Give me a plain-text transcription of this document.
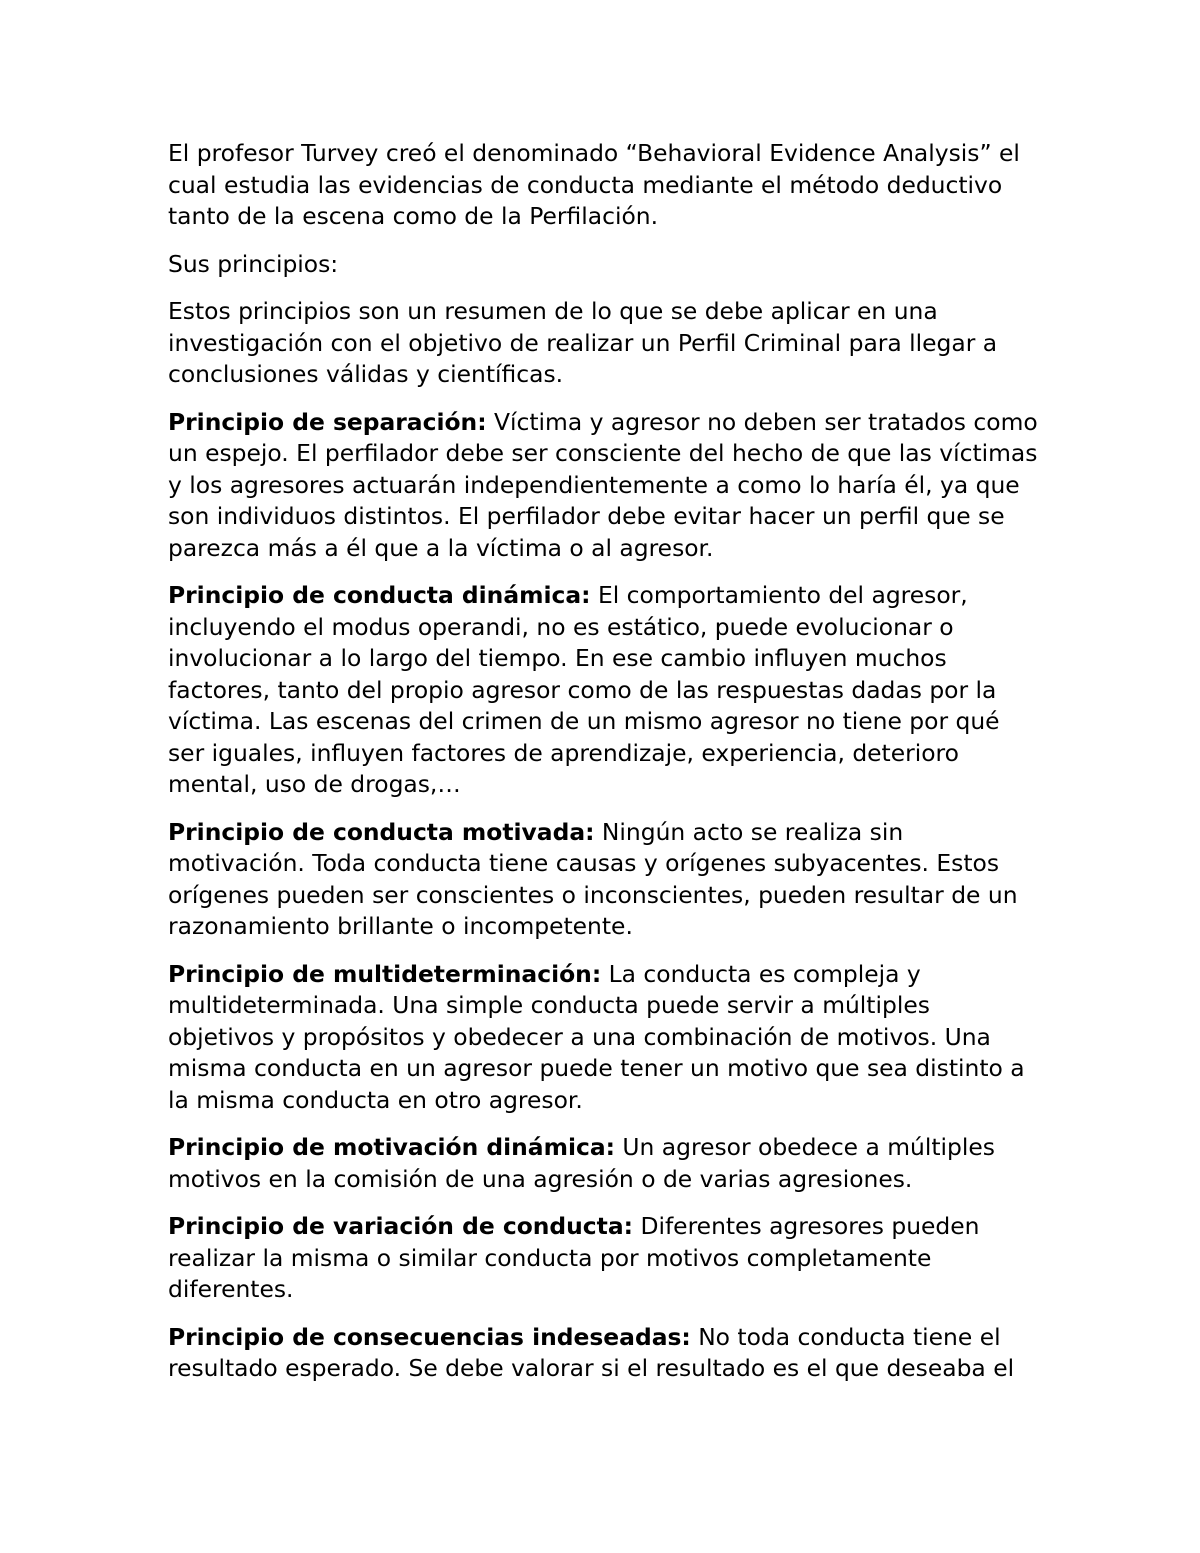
El profesor Turvey creó el denominado “Behavioral Evidence Analysis” el cual estudia las evidencias de conducta mediante el método deductivo tanto de la escena como de la Perfilación.

Sus principios:

Estos principios son un resumen de lo que se debe aplicar en una investigación con el objetivo de realizar un Perfil Criminal para llegar a conclusiones válidas y científicas.

Principio de separación: Víctima y agresor no deben ser tratados como un espejo. El perfilador debe ser consciente del hecho de que las víctimas y los agresores actuarán independientemente a como lo haría él, ya que son individuos distintos. El perfilador debe evitar hacer un perfil que se parezca más a él que a la víctima o al agresor.

Principio de conducta dinámica: El comportamiento del agresor, incluyendo el modus operandi, no es estático, puede evolucionar o involucionar a lo largo del tiempo. En ese cambio influyen muchos factores, tanto del propio agresor como de las respuestas dadas por la víctima. Las escenas del crimen de un mismo agresor no tiene por qué ser iguales, influyen factores de aprendizaje, experiencia, deterioro mental, uso de drogas,…

Principio de conducta motivada: Ningún acto se realiza sin motivación. Toda conducta tiene causas y orígenes subyacentes. Estos orígenes pueden ser conscientes o inconscientes, pueden resultar de un razonamiento brillante o incompetente.

Principio de multideterminación: La conducta es compleja y multideterminada. Una simple conducta puede servir a múltiples objetivos y propósitos y obedecer a una combinación de motivos. Una misma conducta en un agresor puede tener un motivo que sea distinto a la misma conducta en otro agresor.

Principio de motivación dinámica: Un agresor obedece a múltiples motivos en la comisión de una agresión o de varias agresiones.

Principio de variación de conducta: Diferentes agresores pueden realizar la misma o similar conducta por motivos completamente diferentes.

Principio de consecuencias indeseadas: No toda conducta tiene el resultado esperado. Se debe valorar si el resultado es el que deseaba el
